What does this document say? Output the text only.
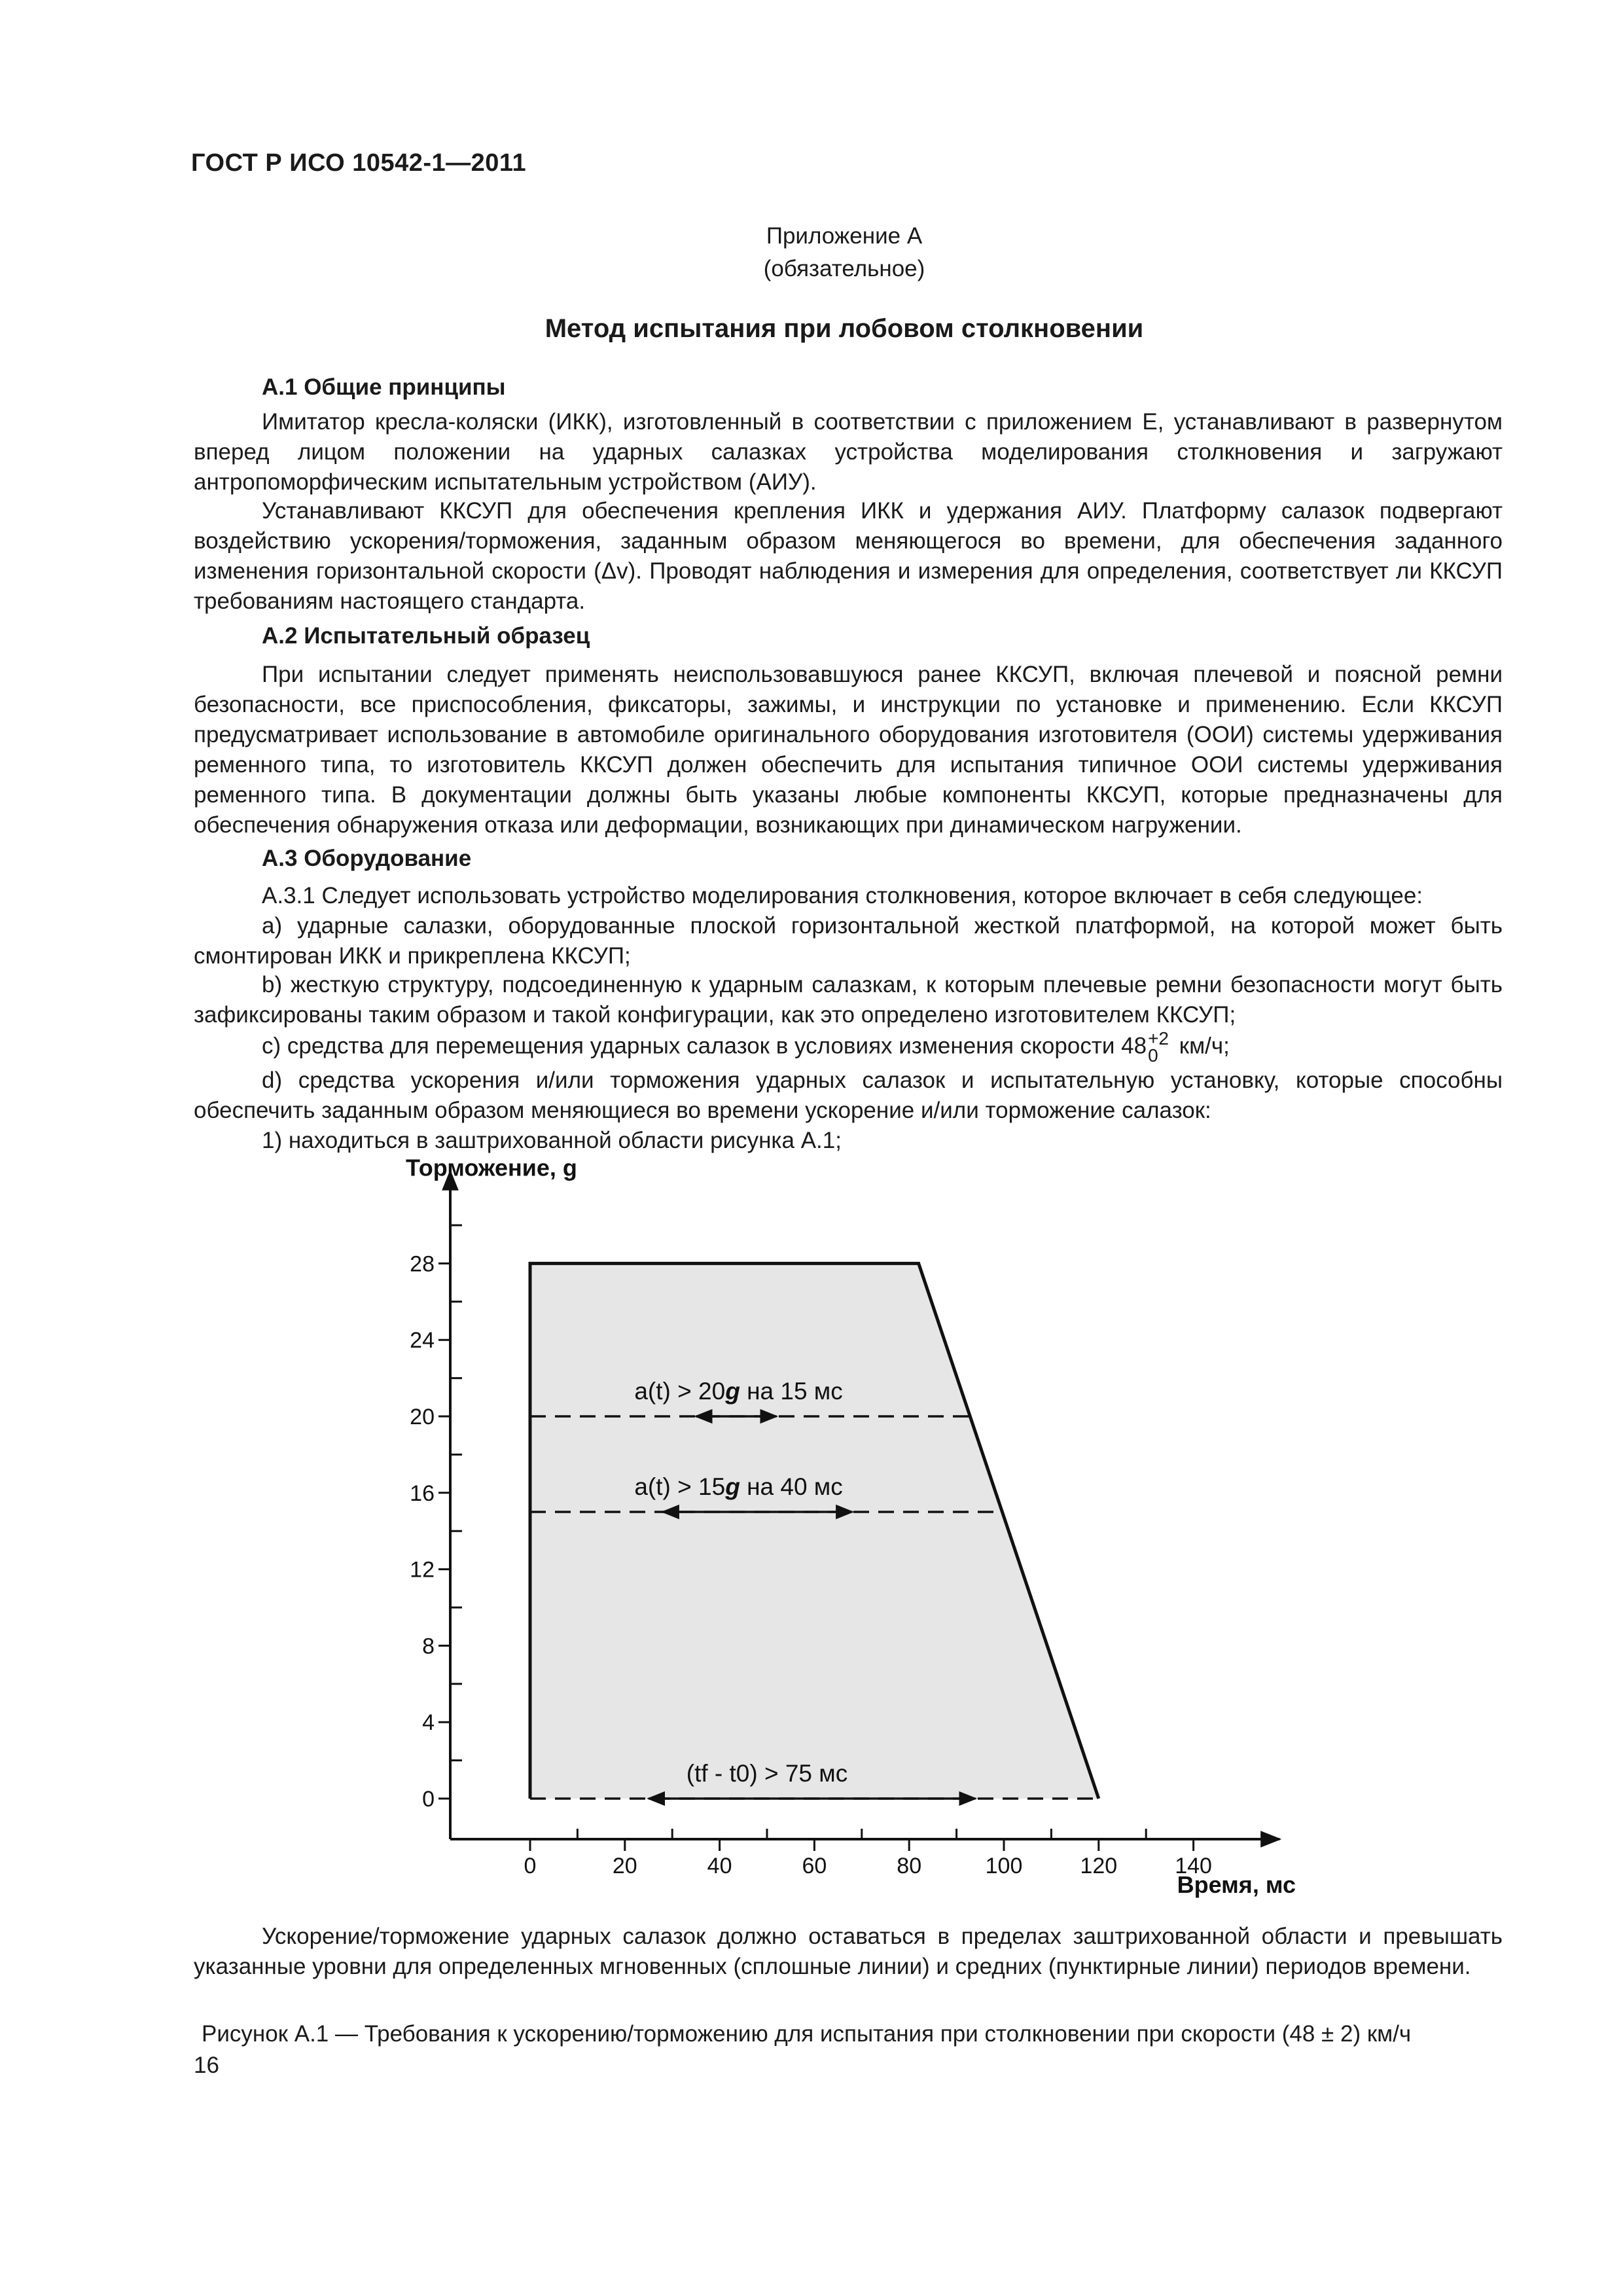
ГОСТ Р ИСО 10542-1—2011
Приложение А
(обязательное)
Метод испытания при лобовом столкновении
А.1 Общие принципы
Имитатор кресла-коляски (ИКК), изготовленный в соответствии с приложением Е, устанавливают в развернутом вперед лицом положении на ударных салазках устройства моделирования столкновения и загружают антропоморфическим испытательным устройством (АИУ).
Устанавливают ККСУП для обеспечения крепления ИКК и удержания АИУ. Платформу салазок подвергают воздействию ускорения/торможения, заданным образом меняющегося во времени, для обеспечения заданного изменения горизонтальной скорости (Δv). Проводят наблюдения и измерения для определения, соответствует ли ККСУП требованиям настоящего стандарта.
А.2 Испытательный образец
При испытании следует применять неиспользовавшуюся ранее ККСУП, включая плечевой и поясной ремни безопасности, все приспособления, фиксаторы, зажимы, и инструкции по установке и применению. Если ККСУП предусматривает использование в автомобиле оригинального оборудования изготовителя (ООИ) системы удерживания ременного типа, то изготовитель ККСУП должен обеспечить для испытания типичное ООИ системы удерживания ременного типа. В документации должны быть указаны любые компоненты ККСУП, которые предназначены для обеспечения обнаружения отказа или деформации, возникающих при динамическом нагружении.
А.3 Оборудование
А.3.1 Следует использовать устройство моделирования столкновения, которое включает в себя следующее:
a) ударные салазки, оборудованные плоской горизонтальной жесткой платформой, на которой может быть смонтирован ИКК и прикреплена ККСУП;
b) жесткую структуру, подсоединенную к ударным салазкам, к которым плечевые ремни безопасности могут быть зафиксированы таким образом и такой конфигурации, как это определено изготовителем ККСУП;
c) средства для перемещения ударных салазок в условиях изменения скорости 48 +2
0 км/ч;
d) средства ускорения и/или торможения ударных салазок и испытательную установку, которые способны обеспечить заданным образом меняющиеся во времени ускорение и/или торможение салазок:
1) находиться в заштрихованной области рисунка А.1;
0
4
8
12
16
20
24
28
0	20	40	60	80	100	120	140
Торможение, g
Время, мс
a(t) > 20g на 15 мс
a(t) > 15g на 40 мс
(tf - t0) > 75 мс
Ускорение/торможение ударных салазок должно оставаться в пределах заштрихованной области и превышать указанные уровни для определенных мгновенных (сплошные линии) и средних (пунктирные линии) периодов времени.
Рисунок А.1 — Требования к ускорению/торможению для испытания при столкновении при скорости (48 ± 2) км/ч
16
